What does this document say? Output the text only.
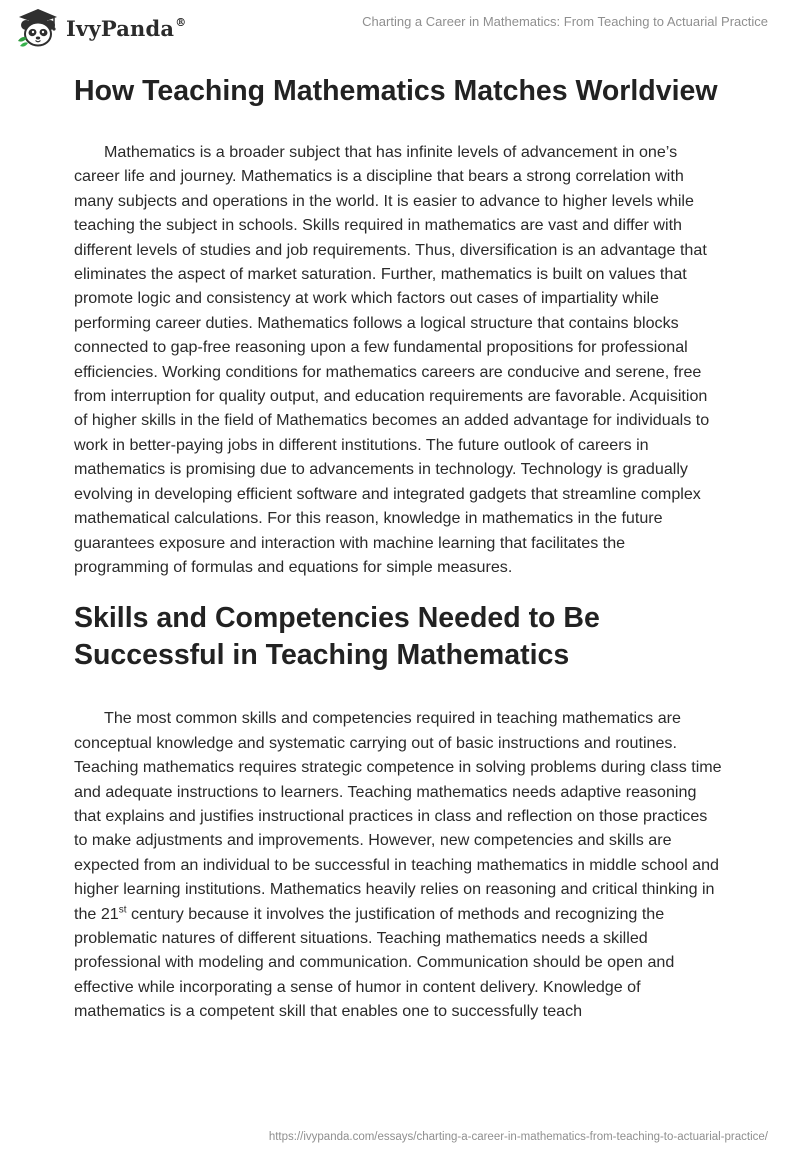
IvyPanda®	Charting a Career in Mathematics: From Teaching to Actuarial Practice
How Teaching Mathematics Matches Worldview

Mathematics is a broader subject that has infinite levels of advancement in one’s career life and journey. Mathematics is a discipline that bears a strong correlation with many subjects and operations in the world. It is easier to advance to higher levels while teaching the subject in schools. Skills required in mathematics are vast and differ with different levels of studies and job requirements. Thus, diversification is an advantage that eliminates the aspect of market saturation. Further, mathematics is built on values that promote logic and consistency at work which factors out cases of impartiality while performing career duties. Mathematics follows a logical structure that contains blocks connected to gap-free reasoning upon a few fundamental propositions for professional efficiencies. Working conditions for mathematics careers are conducive and serene, free from interruption for quality output, and education requirements are favorable. Acquisition of higher skills in the field of Mathematics becomes an added advantage for individuals to work in better-paying jobs in different institutions. The future outlook of careers in mathematics is promising due to advancements in technology. Technology is gradually evolving in developing efficient software and integrated gadgets that streamline complex mathematical calculations. For this reason, knowledge in mathematics in the future guarantees exposure and interaction with machine learning that facilitates the programming of formulas and equations for simple measures.

Skills and Competencies Needed to Be Successful in Teaching Mathematics

The most common skills and competencies required in teaching mathematics are conceptual knowledge and systematic carrying out of basic instructions and routines. Teaching mathematics requires strategic competence in solving problems during class time and adequate instructions to learners. Teaching mathematics needs adaptive reasoning that explains and justifies instructional practices in class and reflection on those practices to make adjustments and improvements. However, new competencies and skills are expected from an individual to be successful in teaching mathematics in middle school and higher learning institutions. Mathematics heavily relies on reasoning and critical thinking in the 21st century because it involves the justification of methods and recognizing the problematic natures of different situations. Teaching mathematics needs a skilled professional with modeling and communication. Communication should be open and effective while incorporating a sense of humor in content delivery. Knowledge of mathematics is a competent skill that enables one to successfully teach

https://ivypanda.com/essays/charting-a-career-in-mathematics-from-teaching-to-actuarial-practice/
